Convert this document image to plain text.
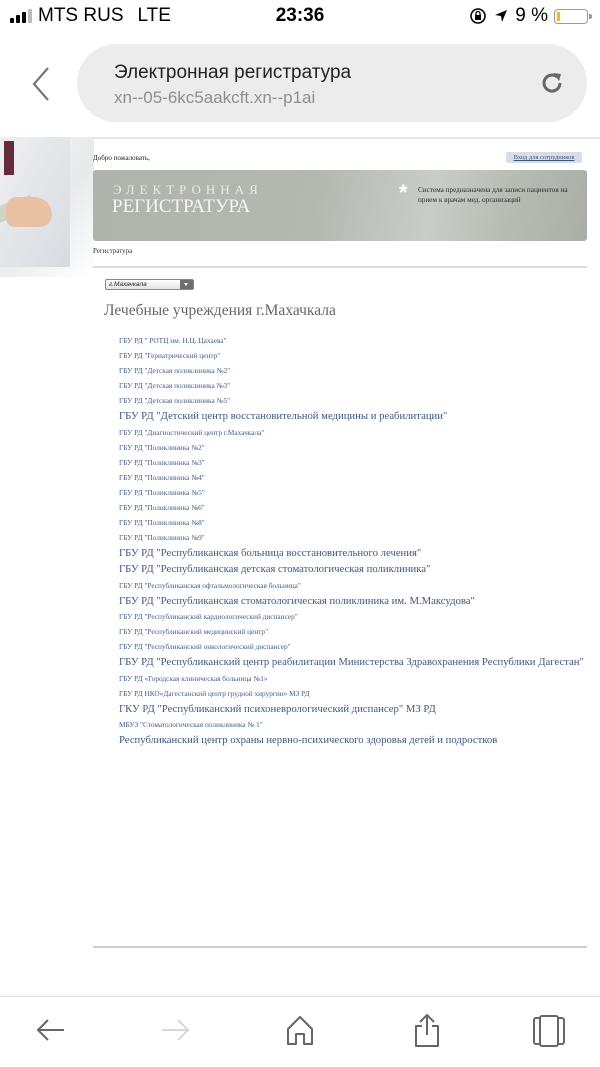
MTS RUS LTE	23:36	9 %
Электронная регистратура
xn--05-6kc5aakcft.xn--p1ai
Добро пожаловать,	Вход для сотрудников
ЭЛЕКТРОННАЯ
РЕГИСТРАТУРА
* Система предназначена для записи пациентов на прием к врачам мед. организаций
Регистратура
г.Махачкала
Лечебные учреждения г.Махачкала
ГБУ РД " РОТЦ им. Н.Ц. Цахаева"
ГБУ РД "Гериатрический центр"
ГБУ РД "Детская поликлиника №2"
ГБУ РД "Детская поликлиника №3"
ГБУ РД "Детская поликлиника №5"
ГБУ РД "Детский центр восстановительной медицины и реабилитации"
ГБУ РД "Диагностический центр г.Махачкала"
ГБУ РД "Поликлиника №2"
ГБУ РД "Поликлиника №3"
ГБУ РД "Поликлиника №4"
ГБУ РД "Поликлиника №5"
ГБУ РД "Поликлиника №6"
ГБУ РД "Поликлиника №8"
ГБУ РД "Поликлиника №9"
ГБУ РД "Республиканская больница восстановительного лечения"
ГБУ РД "Республиканская детская стоматологическая поликлиника"
ГБУ РД "Республиканская офтальмологическая больница"
ГБУ РД "Республиканская стоматологическая поликлиника им. М.Максудова"
ГБУ РД "Республиканский кардиологический диспансер"
ГБУ РД "Республиканский медицинский центр"
ГБУ РД "Республиканский онкологический диспансер"
ГБУ РД "Республиканский центр реабилитации Министерства Здравохранения Республики Дагестан"
ГБУ РД «Городская клиническая больница №1»
ГБУ РД НКО«Дагестанский центр грудной хирургии» МЗ РД
ГКУ РД "Республиканский психоневрологический диспансер" МЗ РД
МБУЗ "Стоматологическая поликлиника № 1"
Республиканский центр охраны нервно-психического здоровья детей и подростков
